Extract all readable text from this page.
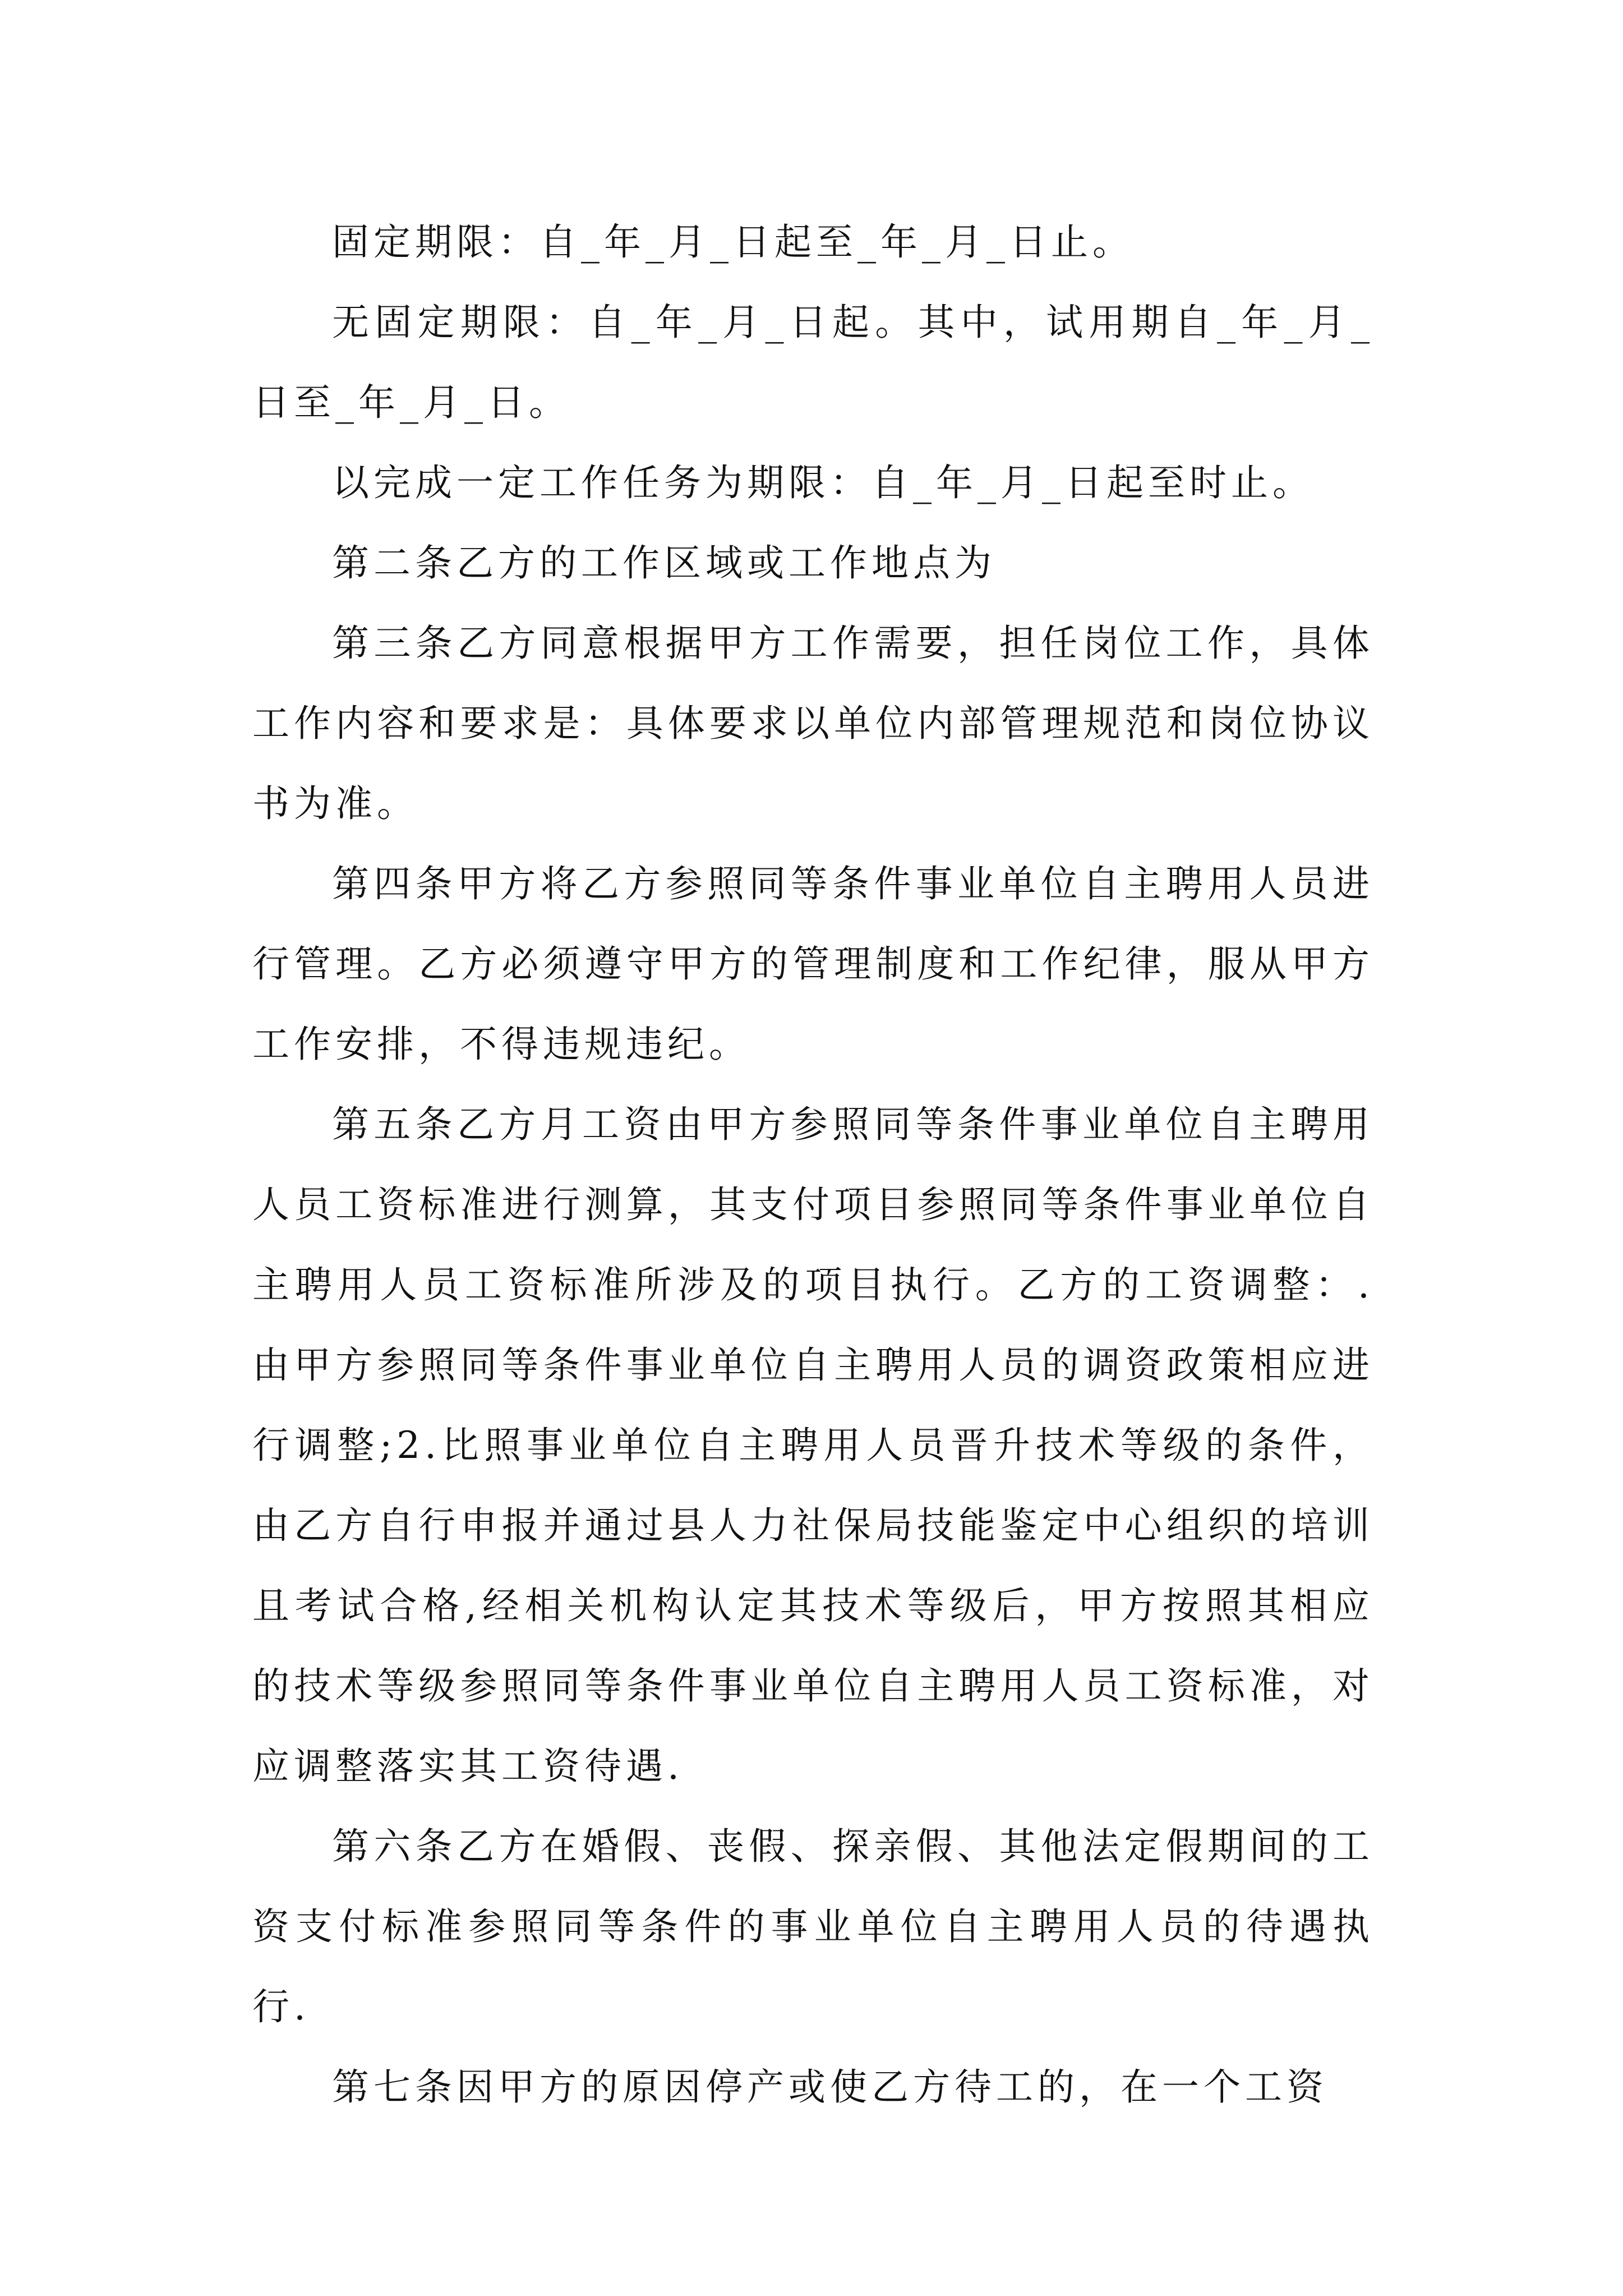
固定期限：自_年_月_日起至_年_月_日止。

无固定期限：自_年_月_日起。其中，试用期自_年_月_日至_年_月_日。

以完成一定工作任务为期限：自_年_月_日起至时止。

第二条乙方的工作区域或工作地点为

第三条乙方同意根据甲方工作需要，担任岗位工作，具体工作内容和要求是：具体要求以单位内部管理规范和岗位协议书为准。

第四条甲方将乙方参照同等条件事业单位自主聘用人员进行管理。乙方必须遵守甲方的管理制度和工作纪律，服从甲方工作安排，不得违规违纪。

第五条乙方月工资由甲方参照同等条件事业单位自主聘用人员工资标准进行测算，其支付项目参照同等条件事业单位自主聘用人员工资标准所涉及的项目执行。乙方的工资调整：.由甲方参照同等条件事业单位自主聘用人员的调资政策相应进行调整;2.比照事业单位自主聘用人员晋升技术等级的条件，由乙方自行申报并通过县人力社保局技能鉴定中心组织的培训且考试合格,经相关机构认定其技术等级后，甲方按照其相应的技术等级参照同等条件事业单位自主聘用人员工资标准，对应调整落实其工资待遇.

第六条乙方在婚假、丧假、探亲假、其他法定假期间的工资支付标准参照同等条件的事业单位自主聘用人员的待遇执行.

第七条因甲方的原因停产或使乙方待工的，在一个工资
